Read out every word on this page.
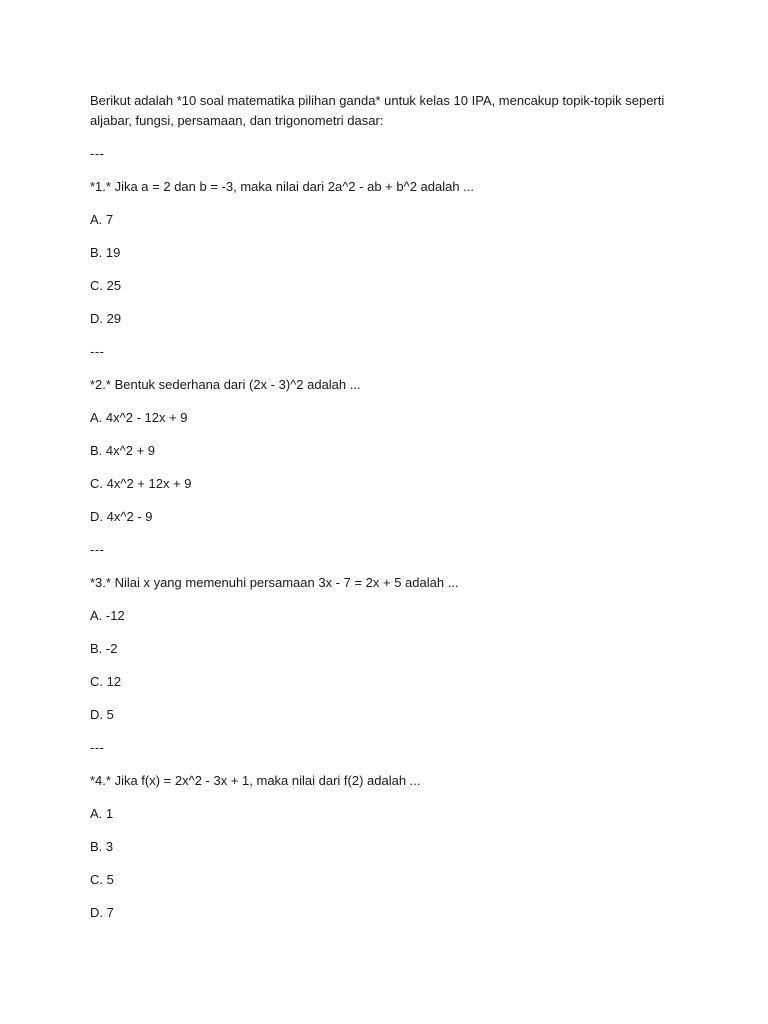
Berikut adalah *10 soal matematika pilihan ganda* untuk kelas 10 IPA, mencakup topik-topik seperti aljabar, fungsi, persamaan, dan trigonometri dasar:

---

*1.* Jika a = 2 dan b = -3, maka nilai dari 2a^2 - ab + b^2 adalah ...

A. 7

B. 19

C. 25

D. 29

---

*2.* Bentuk sederhana dari (2x - 3)^2 adalah ...

A. 4x^2 - 12x + 9

B. 4x^2 + 9

C. 4x^2 + 12x + 9

D. 4x^2 - 9

---

*3.* Nilai x yang memenuhi persamaan 3x - 7 = 2x + 5 adalah ...

A. -12

B. -2

C. 12

D. 5

---

*4.* Jika f(x) = 2x^2 - 3x + 1, maka nilai dari f(2) adalah ...

A. 1

B. 3

C. 5

D. 7
